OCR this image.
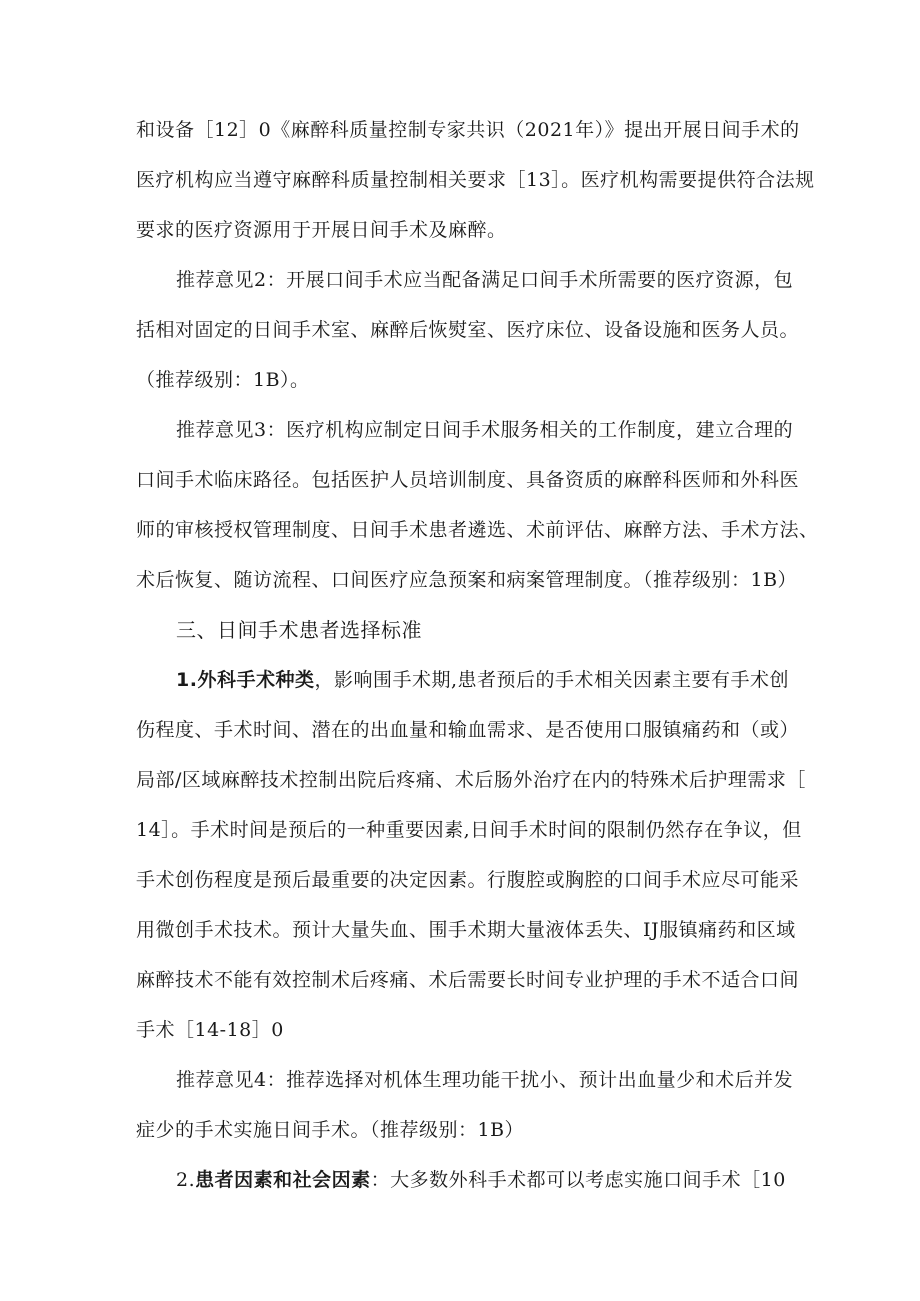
和设备［12］0《麻醉科质量控制专家共识（2021年）》提出开展日间手术的
医疗机构应当遵守麻醉科质量控制相关要求［13］。医疗机构需要提供符合法规
要求的医疗资源用于开展日间手术及麻醉。
推荐意见2：开展口间手术应当配备满足口间手术所需要的医疗资源，包
括相对固定的日间手术室、麻醉后恢熨室、医疗床位、设备设施和医务人员。
（推荐级别：1B）。
推荐意见3：医疗机构应制定日间手术服务相关的工作制度，建立合理的
口间手术临床路径。包括医护人员培训制度、具备资质的麻醉科医师和外科医
师的审核授权管理制度、日间手术患者遴选、术前评估、麻醉方法、手术方法、
术后恢复、随访流程、口间医疗应急预案和病案管理制度。（推荐级别：1B）
三、日间手术患者选择标准
1.外科手术种类，影响围手术期,患者预后的手术相关因素主要有手术创
伤程度、手术时间、潜在的出血量和输血需求、是否使用口服镇痛药和（或）
局部/区域麻醉技术控制出院后疼痛、术后肠外治疗在内的特殊术后护理需求［
14］。手术时间是预后的一种重要因素,日间手术时间的限制仍然存在争议，但
手术创伤程度是预后最重要的决定因素。行腹腔或胸腔的口间手术应尽可能采
用微创手术技术。预计大量失血、围手术期大量液体丢失、IJ服镇痛药和区域
麻醉技术不能有效控制术后疼痛、术后需要长时间专业护理的手术不适合口间
手术［14-18］0
推荐意见4：推荐选择对机体生理功能干扰小、预计出血量少和术后并发
症少的手术实施日间手术。（推荐级别：1B）
2.患者因素和社会因素：大多数外科手术都可以考虑实施口间手术［10
